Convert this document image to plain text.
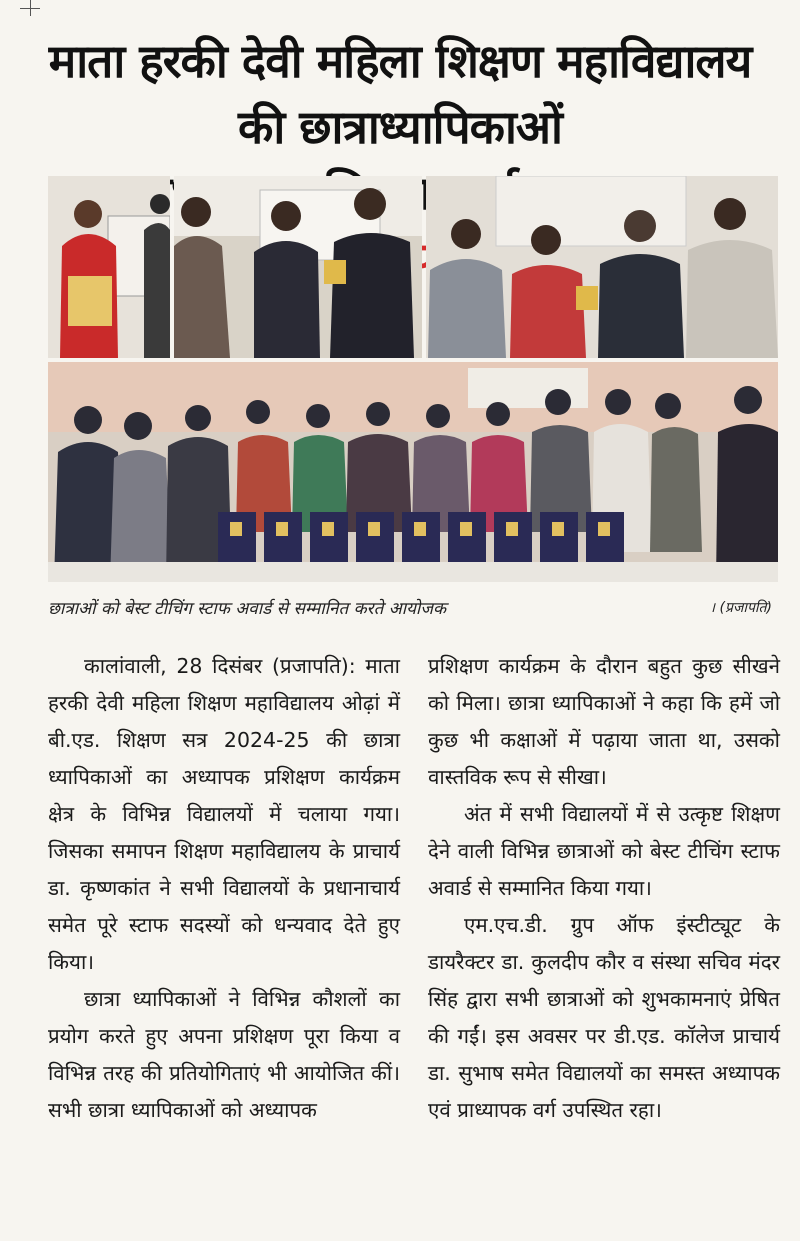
माता हरकी देवी महिला शिक्षण महाविद्यालय की छात्राध्यापिकाओं
छात्राओं को बेस्ट टीचिंग स्टाफ अवार्ड से सम्मानित करते आयोजक	। (प्रजापति)

कालांवाली, 28 दिसंबर (प्रजापति): माता हरकी देवी महिला शिक्षण महाविद्यालय ओढ़ां में बी.एड. शिक्षण सत्र 2024-25 की छात्रा ध्यापिकाओं का अध्यापक प्रशिक्षण कार्यक्रम क्षेत्र के विभिन्न विद्यालयों में चलाया गया। जिसका समापन शिक्षण महाविद्यालय के प्राचार्य डा. कृष्णकांत ने सभी विद्यालयों के प्रधानाचार्य समेत पूरे स्टाफ सदस्यों को धन्यवाद देते हुए किया।

छात्रा ध्यापिकाओं ने विभिन्न कौशलों का प्रयोग करते हुए अपना प्रशिक्षण पूरा किया व विभिन्न तरह की प्रतियोगिताएं भी आयोजित कीं। सभी छात्रा ध्यापिकाओं को अध्यापक

प्रशिक्षण कार्यक्रम के दौरान बहुत कुछ सीखने को मिला। छात्रा ध्यापिकाओं ने कहा कि हमें जो कुछ भी कक्षाओं में पढ़ाया जाता था, उसको वास्तविक रूप से सीखा।

अंत में सभी विद्यालयों में से उत्कृष्ट शिक्षण देने वाली विभिन्न छात्राओं को बेस्ट टीचिंग स्टाफ अवार्ड से सम्मानित किया गया।

एम.एच.डी. ग्रुप ऑफ इंस्टीट्यूट के डायरैक्टर डा. कुलदीप कौर व संस्था सचिव मंदर सिंह द्वारा सभी छात्राओं को शुभकामनाएं प्रेषित की गईं। इस अवसर पर डी.एड. कॉलेज प्राचार्य डा. सुभाष समेत विद्यालयों का समस्त अध्यापक एवं प्राध्यापक वर्ग उपस्थित रहा।
